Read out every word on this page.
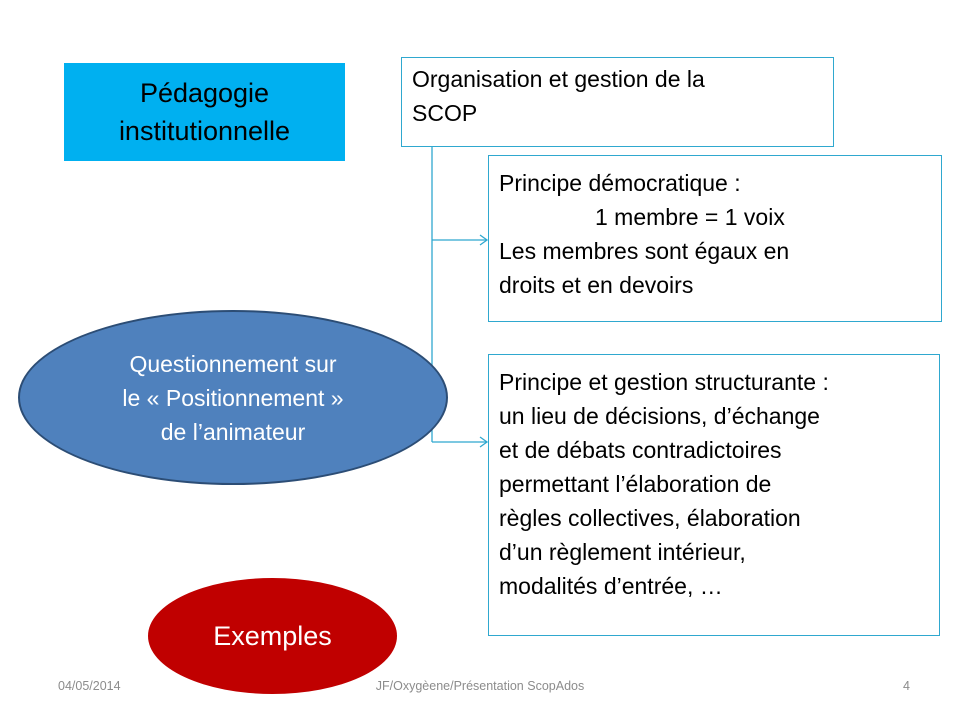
Pédagogie
institutionnelle
Organisation et gestion de la
SCOP
Principe démocratique :
1 membre = 1 voix
Les membres sont égaux en
droits et en devoirs
Principe et gestion structurante :
un lieu de décisions, d’échange
et de débats contradictoires
permettant l’élaboration de
règles collectives, élaboration
d’un règlement intérieur,
modalités d’entrée, …
Questionnement sur
le « Positionnement »
de l’animateur
Exemples
04/05/2014	JF/Oxygèene/Présentation ScopAdos	4
